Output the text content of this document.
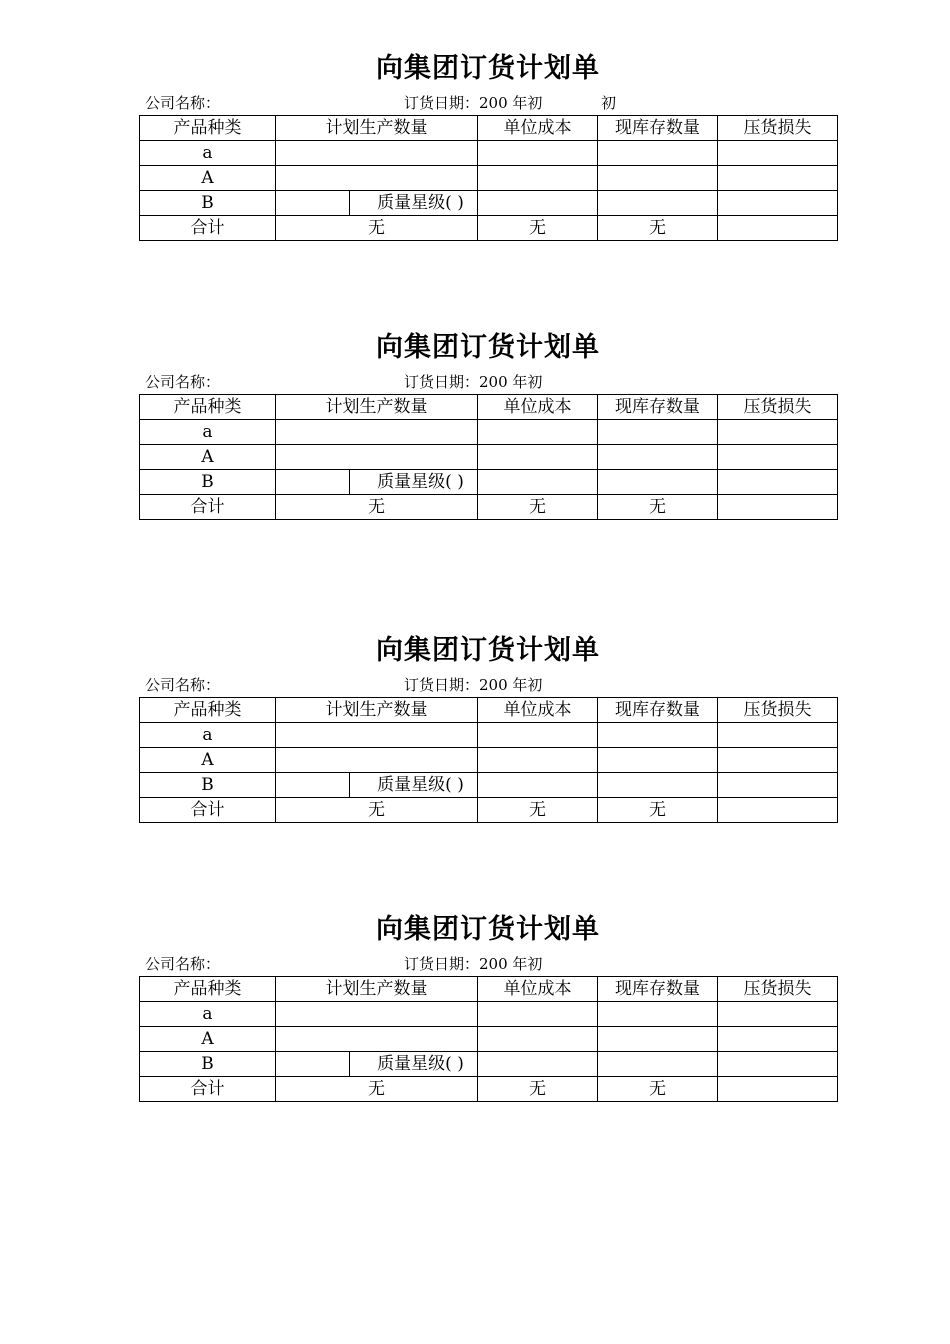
向集团订货计划单
公司名称：	订货日期：200 年初	初
产品种类	计划生产数量		单位成本	现库存数量	压货损失
a					
A					
B		质量星级( )			
合计	无		无	无	
向集团订货计划单
公司名称：	订货日期：200 年初
产品种类	计划生产数量		单位成本	现库存数量	压货损失
a					
A					
B		质量星级( )			
合计	无		无	无	
向集团订货计划单
公司名称：	订货日期：200 年初
产品种类	计划生产数量		单位成本	现库存数量	压货损失
a					
A					
B		质量星级( )			
合计	无		无	无	
向集团订货计划单
公司名称：	订货日期：200 年初
产品种类	计划生产数量		单位成本	现库存数量	压货损失
a					
A					
B		质量星级( )			
合计	无		无	无	
